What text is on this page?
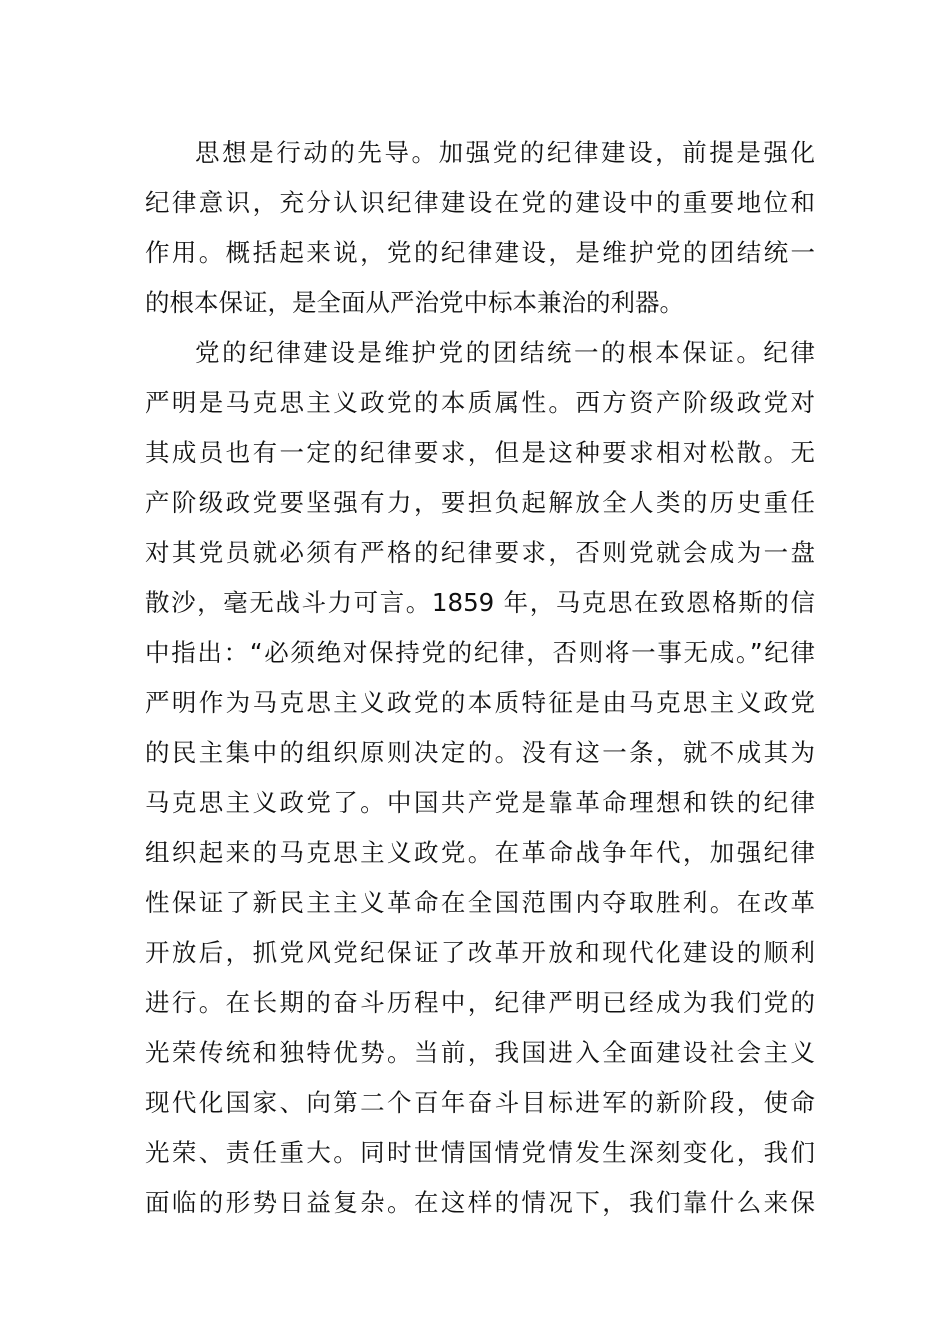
思想是行动的先导。加强党的纪律建设，前提是强化
纪律意识，充分认识纪律建设在党的建设中的重要地位和
作用。概括起来说，党的纪律建设，是维护党的团结统一
的根本保证，是全面从严治党中标本兼治的利器。
党的纪律建设是维护党的团结统一的根本保证。纪律
严明是马克思主义政党的本质属性。西方资产阶级政党对
其成员也有一定的纪律要求，但是这种要求相对松散。无
产阶级政党要坚强有力，要担负起解放全人类的历史重任
对其党员就必须有严格的纪律要求，否则党就会成为一盘
散沙，毫无战斗力可言。1859 年，马克思在致恩格斯的信
中指出：“必须绝对保持党的纪律，否则将一事无成。”纪律
严明作为马克思主义政党的本质特征是由马克思主义政党
的民主集中的组织原则决定的。没有这一条，就不成其为
马克思主义政党了。中国共产党是靠革命理想和铁的纪律
组织起来的马克思主义政党。在革命战争年代，加强纪律
性保证了新民主主义革命在全国范围内夺取胜利。在改革
开放后，抓党风党纪保证了改革开放和现代化建设的顺利
进行。在长期的奋斗历程中，纪律严明已经成为我们党的
光荣传统和独特优势。当前，我国进入全面建设社会主义
现代化国家、向第二个百年奋斗目标进军的新阶段，使命
光荣、责任重大。同时世情国情党情发生深刻变化，我们
面临的形势日益复杂。在这样的情况下，我们靠什么来保
